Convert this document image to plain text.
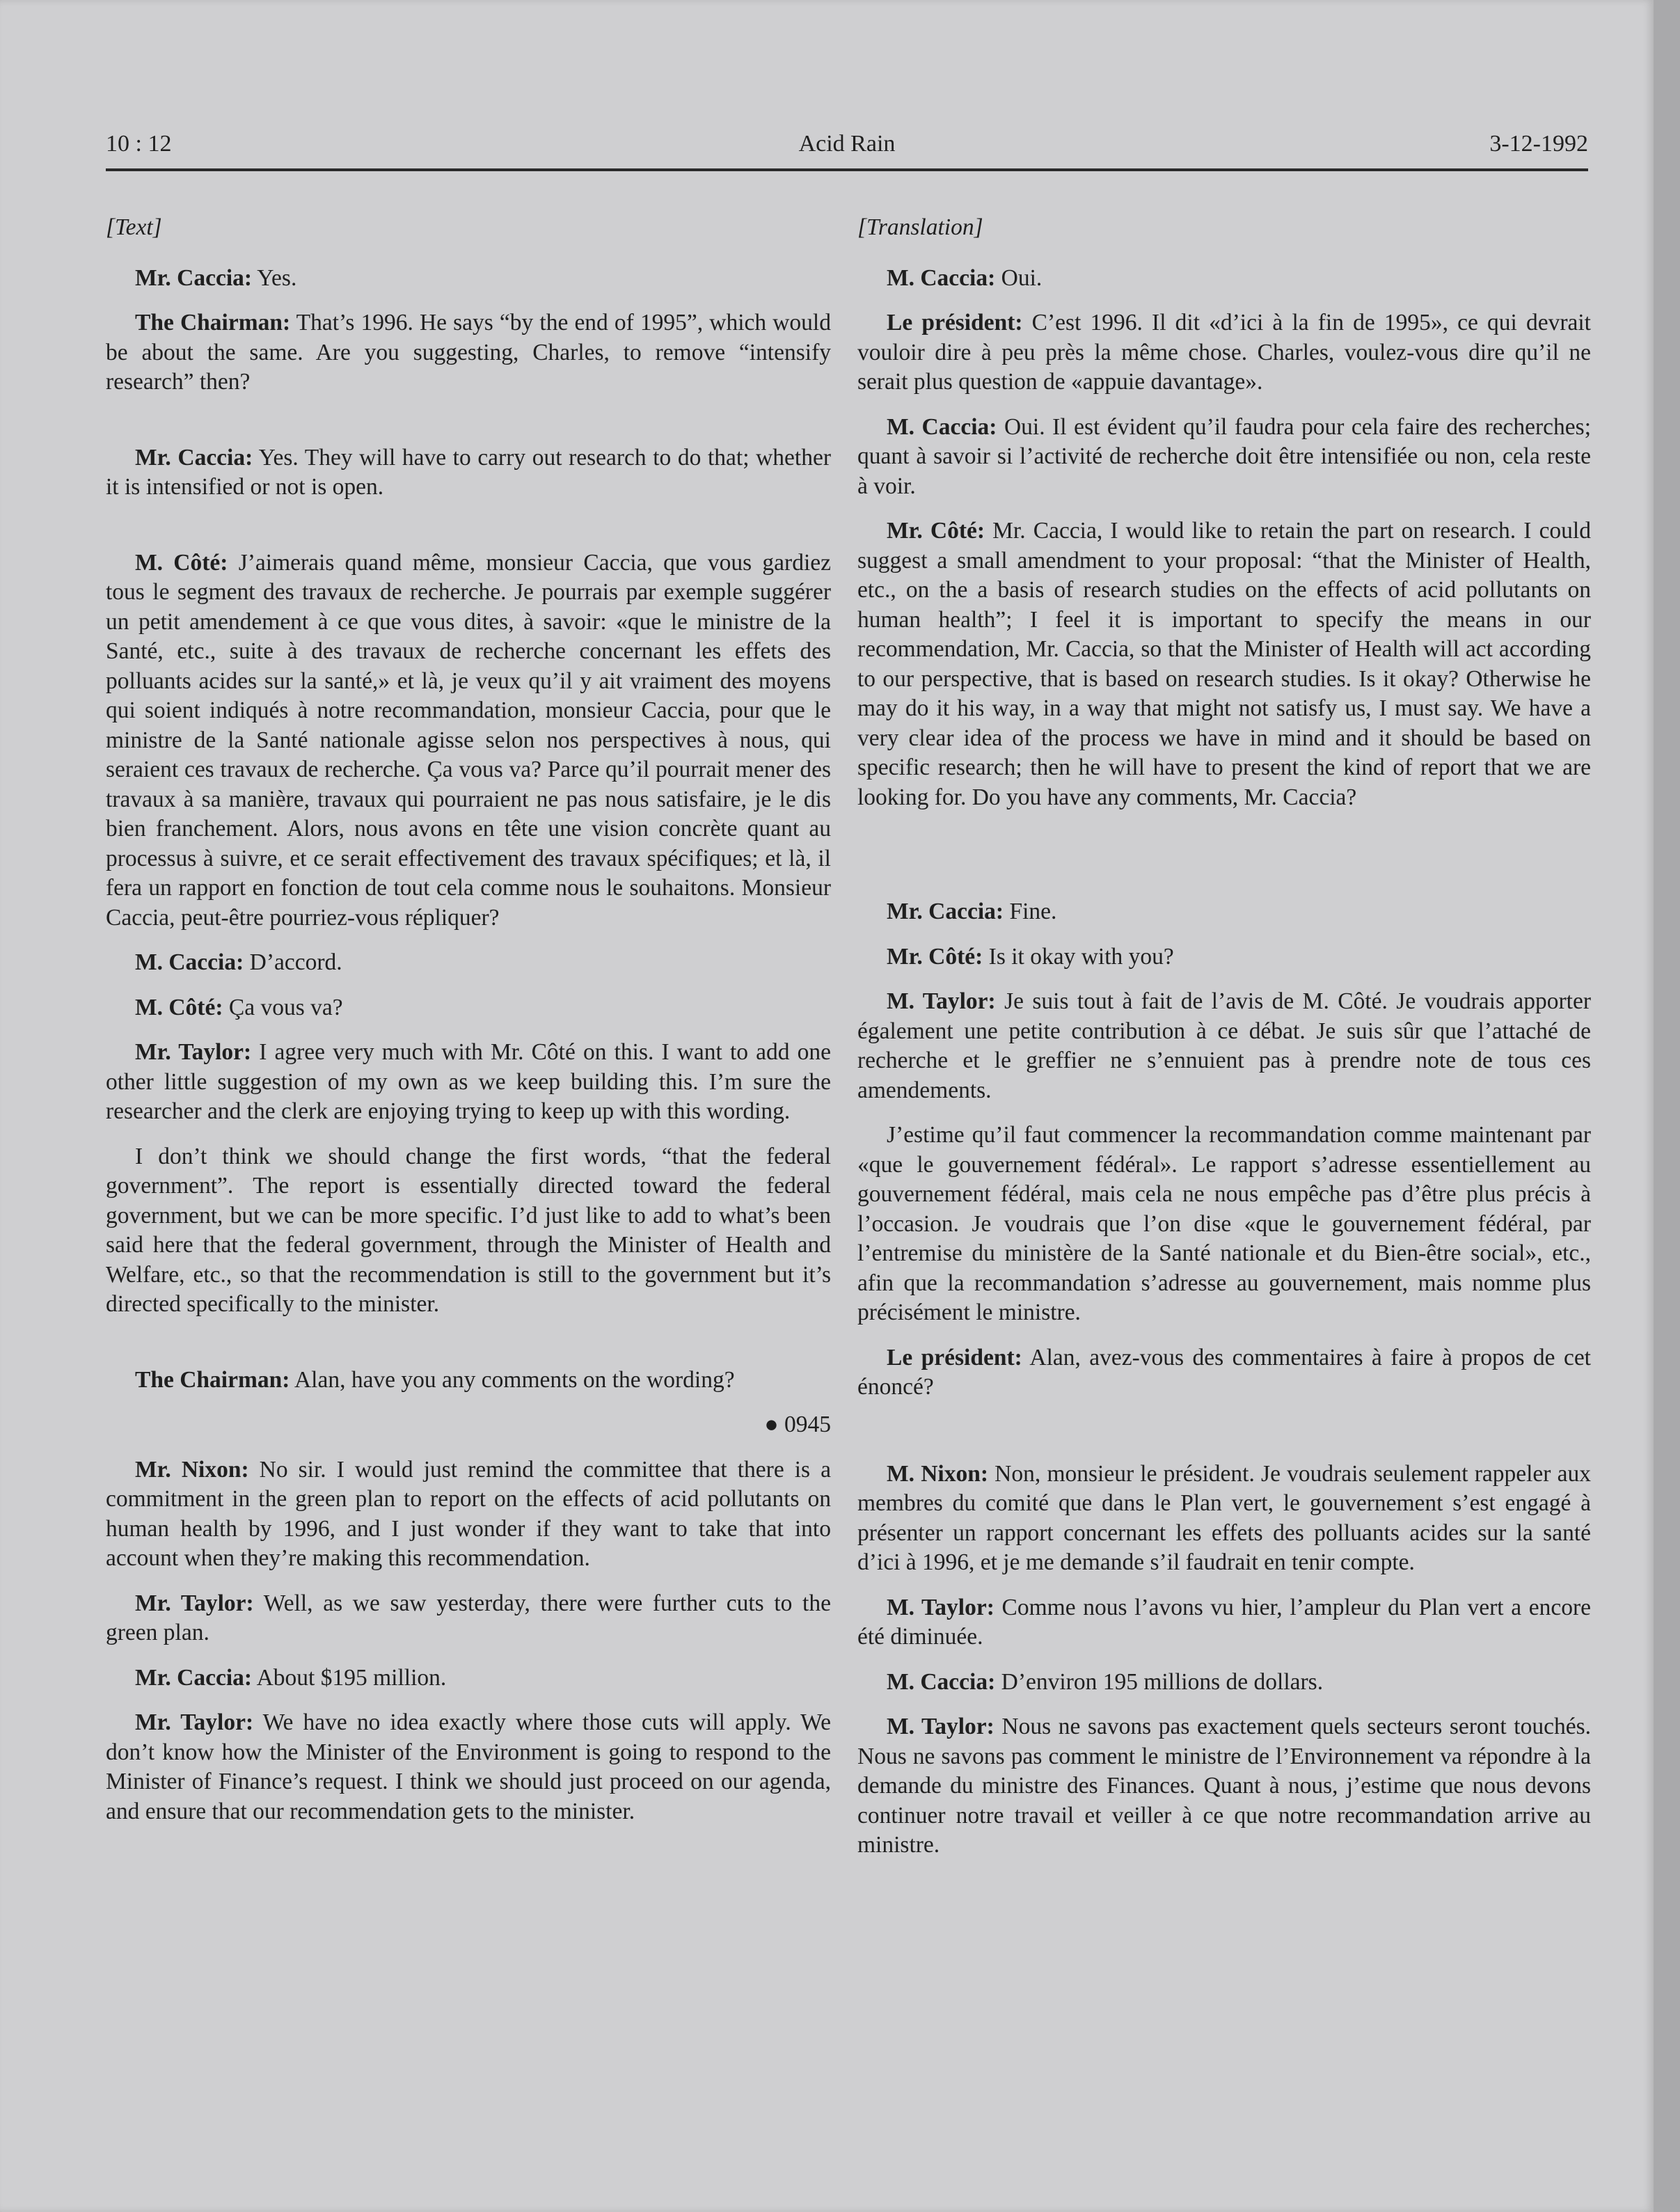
10 : 12	Acid Rain	3-12-1992

[Text]

Mr. Caccia: Yes.

The Chairman: That’s 1996. He says “by the end of 1995”, which would be about the same. Are you suggesting, Charles, to remove “intensify research” then?

Mr. Caccia: Yes. They will have to carry out research to do that; whether it is intensified or not is open.

M. Côté: J’aimerais quand même, monsieur Caccia, que vous gardiez tous le segment des travaux de recherche. Je pourrais par exemple suggérer un petit amendement à ce que vous dites, à savoir: «que le ministre de la Santé, etc., suite à des travaux de recherche concernant les effets des polluants acides sur la santé,» et là, je veux qu’il y ait vraiment des moyens qui soient indiqués à notre recommandation, monsieur Caccia, pour que le ministre de la Santé nationale agisse selon nos perspectives à nous, qui seraient ces travaux de recherche. Ça vous va? Parce qu’il pourrait mener des travaux à sa manière, travaux qui pourraient ne pas nous satisfaire, je le dis bien franchement. Alors, nous avons en tête une vision concrète quant au processus à suivre, et ce serait effectivement des travaux spécifiques; et là, il fera un rapport en fonction de tout cela comme nous le souhaitons. Monsieur Caccia, peut-être pourriez-vous répliquer?

M. Caccia: D’accord.

M. Côté: Ça vous va?

Mr. Taylor: I agree very much with Mr. Côté on this. I want to add one other little suggestion of my own as we keep building this. I’m sure the researcher and the clerk are enjoying trying to keep up with this wording.

I don’t think we should change the first words, “that the federal government”. The report is essentially directed toward the federal government, but we can be more specific. I’d just like to add to what’s been said here that the federal government, through the Minister of Health and Welfare, etc., so that the recommendation is still to the government but it’s directed specifically to the minister.

The Chairman: Alan, have you any comments on the wording?

● 0945

Mr. Nixon: No sir. I would just remind the committee that there is a commitment in the green plan to report on the effects of acid pollutants on human health by 1996, and I just wonder if they want to take that into account when they’re making this recommendation.

Mr. Taylor: Well, as we saw yesterday, there were further cuts to the green plan.

Mr. Caccia: About $195 million.

Mr. Taylor: We have no idea exactly where those cuts will apply. We don’t know how the Minister of the Environment is going to respond to the Minister of Finance’s request. I think we should just proceed on our agenda, and ensure that our recommendation gets to the minister.

[Translation]

M. Caccia: Oui.

Le président: C’est 1996. Il dit «d’ici à la fin de 1995», ce qui devrait vouloir dire à peu près la même chose. Charles, voulez-vous dire qu’il ne serait plus question de «appuie davantage».

M. Caccia: Oui. Il est évident qu’il faudra pour cela faire des recherches; quant à savoir si l’activité de recherche doit être intensifiée ou non, cela reste à voir.

Mr. Côté: Mr. Caccia, I would like to retain the part on research. I could suggest a small amendment to your proposal: “that the Minister of Health, etc., on the a basis of research studies on the effects of acid pollutants on human health”; I feel it is important to specify the means in our recommendation, Mr. Caccia, so that the Minister of Health will act according to our perspective, that is based on research studies. Is it okay? Otherwise he may do it his way, in a way that might not satisfy us, I must say. We have a very clear idea of the process we have in mind and it should be based on specific research; then he will have to present the kind of report that we are looking for. Do you have any comments, Mr. Caccia?

Mr. Caccia: Fine.

Mr. Côté: Is it okay with you?

M. Taylor: Je suis tout à fait de l’avis de M. Côté. Je voudrais apporter également une petite contribution à ce débat. Je suis sûr que l’attaché de recherche et le greffier ne s’ennuient pas à prendre note de tous ces amendements.

J’estime qu’il faut commencer la recommandation comme maintenant par «que le gouvernement fédéral». Le rapport s’adresse essentiellement au gouvernement fédéral, mais cela ne nous empêche pas d’être plus précis à l’occasion. Je voudrais que l’on dise «que le gouvernement fédéral, par l’entremise du ministère de la Santé nationale et du Bien-être social», etc., afin que la recommandation s’adresse au gouvernement, mais nomme plus précisément le ministre.

Le président: Alan, avez-vous des commentaires à faire à propos de cet énoncé?

M. Nixon: Non, monsieur le président. Je voudrais seulement rappeler aux membres du comité que dans le Plan vert, le gouvernement s’est engagé à présenter un rapport concernant les effets des polluants acides sur la santé d’ici à 1996, et je me demande s’il faudrait en tenir compte.

M. Taylor: Comme nous l’avons vu hier, l’ampleur du Plan vert a encore été diminuée.

M. Caccia: D’environ 195 millions de dollars.

M. Taylor: Nous ne savons pas exactement quels secteurs seront touchés. Nous ne savons pas comment le ministre de l’Environnement va répondre à la demande du ministre des Finances. Quant à nous, j’estime que nous devons continuer notre travail et veiller à ce que notre recommandation arrive au ministre.
